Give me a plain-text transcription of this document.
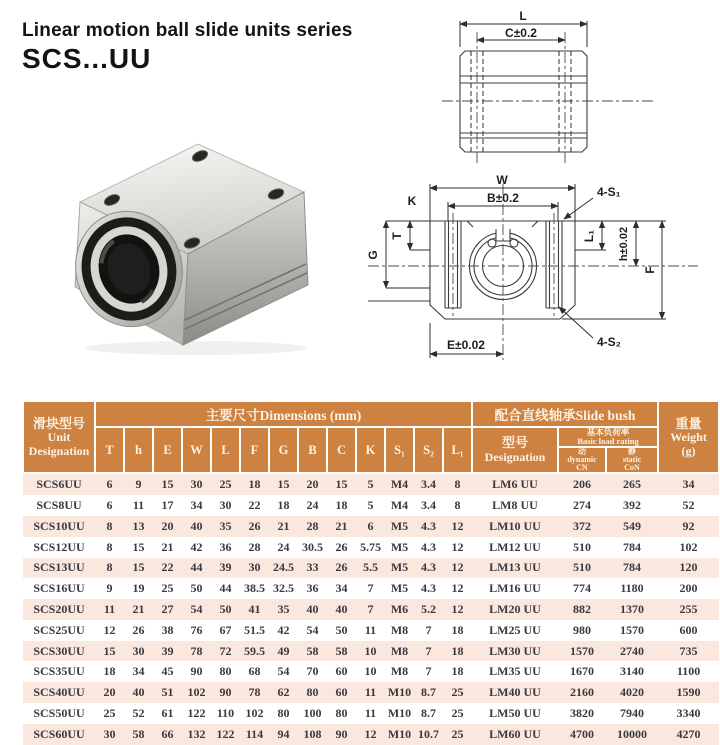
Linear motion ball slide units series
SCS...UU
L
C±0.2
W
B±0.2	4-S₁
K
T
G
L₁ h±0.02
F
E±0.02	4-S₂
滑块型号
Unit
Designation	主要尺寸Dimensions (mm)													配合直线轴承Slide bush			重量
Weight
(g)

	T	h	E	W	L	F	G	B	C	K	S₁	S₂	L₁	型号
Designation	基本负荷率
Basic load rating		

															动
dynamic
CN	静
static
CoN	

SCS6UU	6	9	15	30	25	18	15	20	15	5	M4	3.4	8	LM6 UU	206	265	34
SCS8UU	6	11	17	34	30	22	18	24	18	5	M4	3.4	8	LM8 UU	274	392	52
SCS10UU	8	13	20	40	35	26	21	28	21	6	M5	4.3	12	LM10 UU	372	549	92
SCS12UU	8	15	21	42	36	28	24	30.5	26	5.75	M5	4.3	12	LM12 UU	510	784	102
SCS13UU	8	15	22	44	39	30	24.5	33	26	5.5	M5	4.3	12	LM13 UU	510	784	120
SCS16UU	9	19	25	50	44	38.5	32.5	36	34	7	M5	4.3	12	LM16 UU	774	1180	200
SCS20UU	11	21	27	54	50	41	35	40	40	7	M6	5.2	12	LM20 UU	882	1370	255
SCS25UU	12	26	38	76	67	51.5	42	54	50	11	M8	7	18	LM25 UU	980	1570	600
SCS30UU	15	30	39	78	72	59.5	49	58	58	10	M8	7	18	LM30 UU	1570	2740	735
SCS35UU	18	34	45	90	80	68	54	70	60	10	M8	7	18	LM35 UU	1670	3140	1100
SCS40UU	20	40	51	102	90	78	62	80	60	11	M10	8.7	25	LM40 UU	2160	4020	1590
SCS50UU	25	52	61	122	110	102	80	100	80	11	M10	8.7	25	LM50 UU	3820	7940	3340
SCS60UU	30	58	66	132	122	114	94	108	90	12	M10	10.7	25	LM60 UU	4700	10000	4270
